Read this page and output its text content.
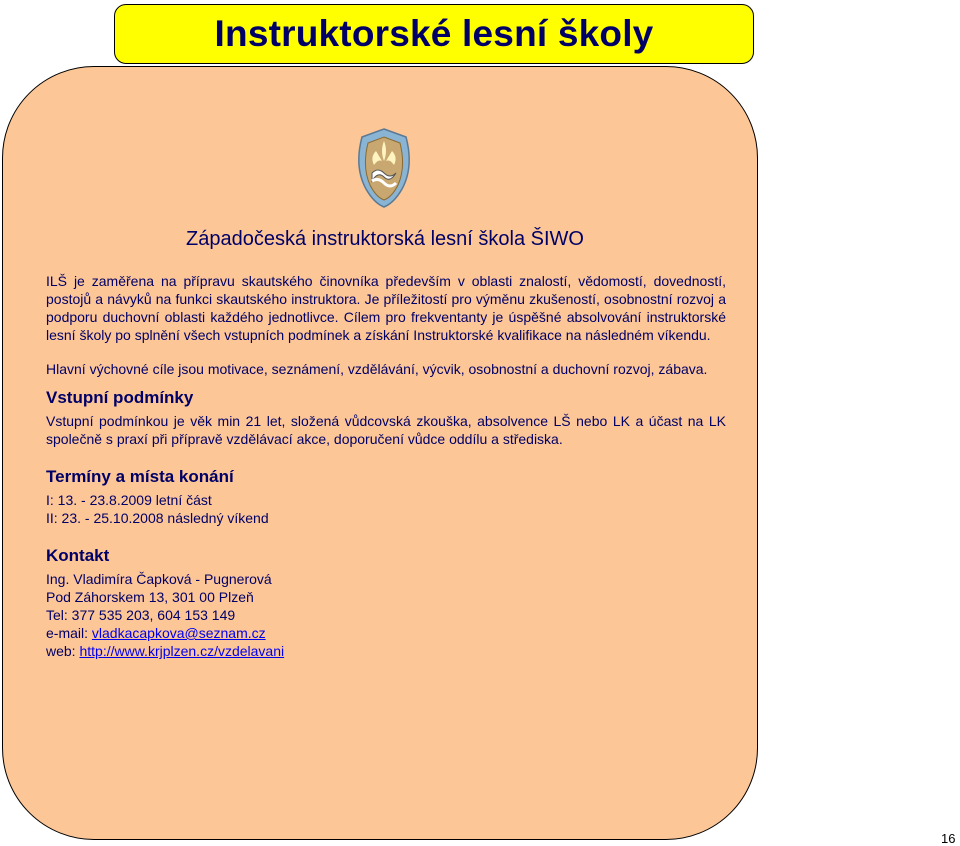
Instruktorské lesní školy
Západočeská instruktorská lesní škola ŠIWO

ILŠ je zaměřena na přípravu skautského činovníka především v oblasti znalostí, vědomostí, dovedností, postojů a návyků na funkci skautského instruktora. Je příležitostí pro výměnu zkušeností, osobnostní rozvoj a podporu duchovní oblasti každého jednotlivce. Cílem pro frekventanty je úspěšné absolvování instruktorské lesní školy po splnění všech vstupních podmínek a získání Instruktorské kvalifikace na následném víkendu.

Hlavní výchovné cíle jsou motivace, seznámení, vzdělávání, výcvik, osobnostní a duchovní rozvoj, zábava.

Vstupní podmínky

Vstupní podmínkou je věk min 21 let, složená vůdcovská zkouška, absolvence LŠ nebo LK a účast na LK společně s praxí při přípravě vzdělávací akce, doporučení vůdce oddílu a střediska.

Termíny a místa konání
I: 13. - 23.8.2009 letní část
II: 23. - 25.10.2008 následný víkend
Kontakt
Ing. Vladimíra Čapková - Pugnerová
Pod Záhorskem 13, 301 00 Plzeň
Tel: 377 535 203, 604 153 149
e-mail: vladkacapkova@seznam.cz
web: http://www.krjplzen.cz/vzdelavani
16
